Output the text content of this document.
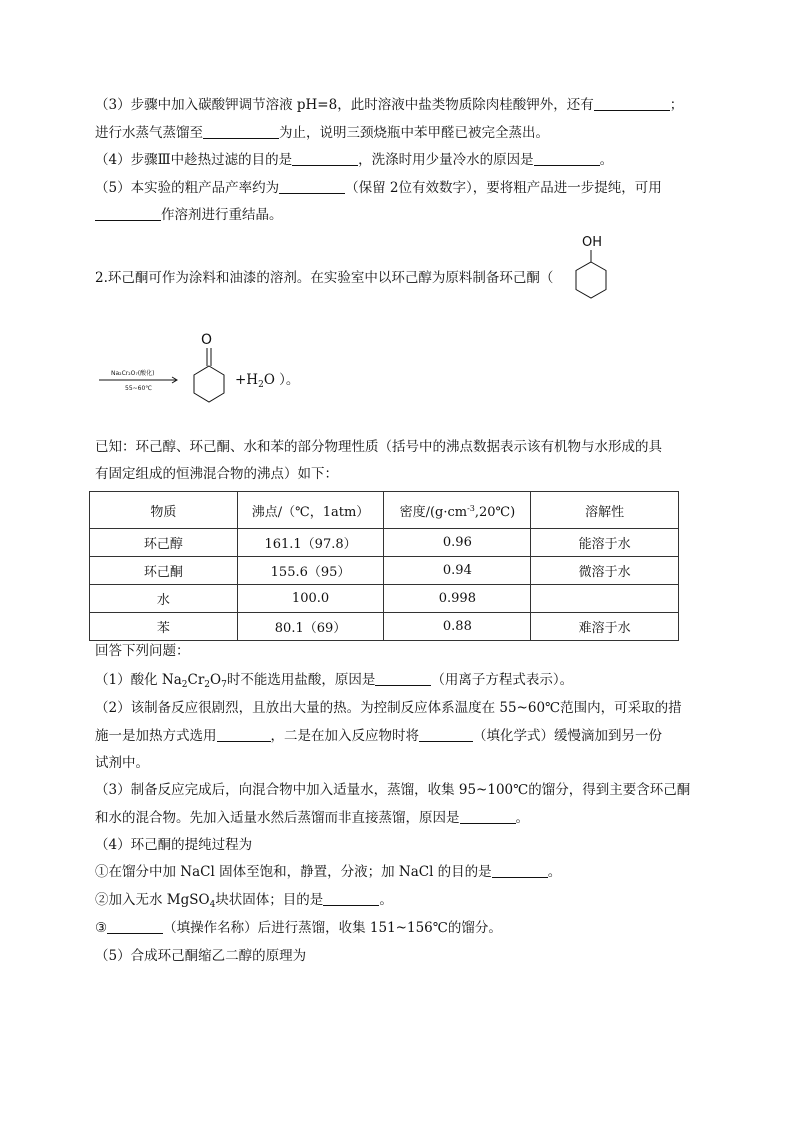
（3）步骤中加入碳酸钾调节溶液 pH=8，此时溶液中盐类物质除肉桂酸钾外，还有	；
进行水蒸气蒸馏至	为止，说明三颈烧瓶中苯甲醛已被完全蒸出。
（4）步骤Ⅲ中趁热过滤的目的是	，洗涤时用少量冷水的原因是	。
（5）本实验的粗产品产率约为	（保留 2位有效数字），要将粗产品进一步提纯，可用
作溶剂进行重结晶。
2.环己酮可作为涂料和油漆的溶剂。在实验室中以环己醇为原料制备环己酮（
OH
Na₂Cr₂O₇(酸化)
55~60℃
O
$+H_2O$ ）。
已知：环己醇、环己酮、水和苯的部分物理性质（括号中的沸点数据表示该有机物与水形成的具
有固定组成的恒沸混合物的沸点）如下：
物质	沸点/（℃，1atm）	密度$/(g\cdot cm^{-3},20℃)$	溶解性
环己醇	161.1（97.8）	0.96	能溶于水
环己酮	155.6（95）	0.94	微溶于水
水	100.0	0.998	
苯	80.1（69）	0.88	难溶于水
回答下列问题：
（1）酸化 $Na_2Cr_2O_7$时不能选用盐酸，原因是	（用离子方程式表示）。
（2）该制备反应很剧烈，且放出大量的热。为控制反应体系温度在 55~60℃范围内，可采取的措
施一是加热方式选用	，二是在加入反应物时将	（填化学式）缓慢滴加到另一份
试剂中。
（3）制备反应完成后，向混合物中加入适量水，蒸馏，收集 95~100℃的馏分，得到主要含环己酮
和水的混合物。先加入适量水然后蒸馏而非直接蒸馏，原因是	。
（4）环己酮的提纯过程为
①在馏分中加 NaCl 固体至饱和，静置，分液；加 NaCl 的目的是	。
②加入无水 MgSO$_4$块状固体；目的是	。
③	（填操作名称）后进行蒸馏，收集 151~156℃的馏分。
（5）合成环己酮缩乙二醇的原理为
